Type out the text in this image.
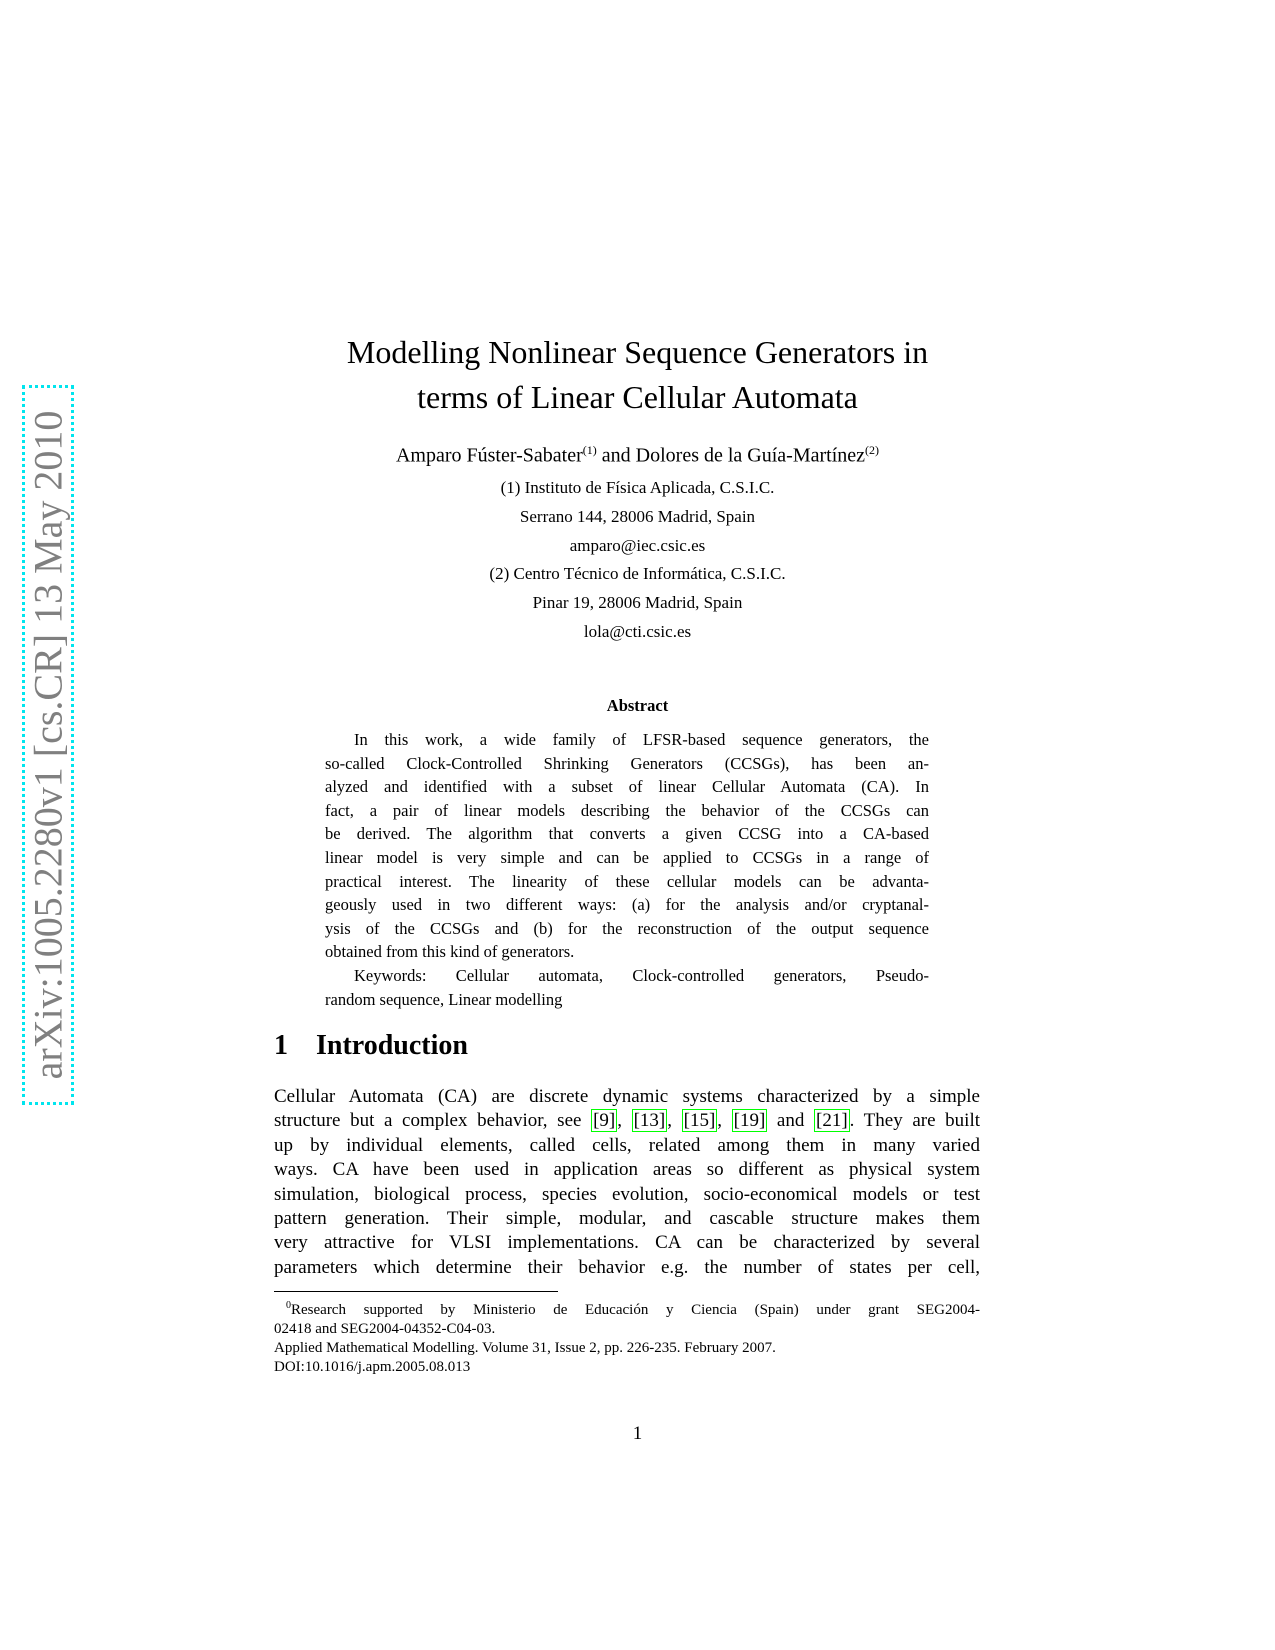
arXiv:1005.2280v1 [cs.CR] 13 May 2010
Modelling Nonlinear Sequence Generators in
terms of Linear Cellular Automata
Amparo Fúster-Sabater$^{(1)}$ and Dolores de la Guía-Martínez$^{(2)}$
(1) Instituto de Física Aplicada, C.S.I.C.
Serrano 144, 28006 Madrid, Spain
amparo@iec.csic.es
(2) Centro Técnico de Informática, C.S.I.C.
Pinar 19, 28006 Madrid, Spain
lola@cti.csic.es
Abstract
In this work, a wide family of LFSR-based sequence generators, the
so-called Clock-Controlled Shrinking Generators (CCSGs), has been an-
alyzed and identified with a subset of linear Cellular Automata (CA). In
fact, a pair of linear models describing the behavior of the CCSGs can
be derived. The algorithm that converts a given CCSG into a CA-based
linear model is very simple and can be applied to CCSGs in a range of
practical interest. The linearity of these cellular models can be advanta-
geously used in two different ways: (a) for the analysis and/or cryptanal-
ysis of the CCSGs and (b) for the reconstruction of the output sequence
obtained from this kind of generators.
Keywords: Cellular automata, Clock-controlled generators, Pseudo-
random sequence, Linear modelling
1 Introduction
Cellular Automata (CA) are discrete dynamic systems characterized by a simple
structure but a complex behavior, see [9] , [13] , [15] , [19] and [21] . They are built
up by individual elements, called cells, related among them in many varied
ways. CA have been used in application areas so different as physical system
simulation, biological process, species evolution, socio-economical models or test
pattern generation. Their simple, modular, and cascable structure makes them
very attractive for VLSI implementations. CA can be characterized by several
parameters which determine their behavior e.g. the number of states per cell,
$^0$Research supported by Ministerio de Educación y Ciencia (Spain) under grant SEG2004-
02418 and SEG2004-04352-C04-03.
Applied Mathematical Modelling. Volume 31, Issue 2, pp. 226-235. February 2007.
DOI:10.1016/j.apm.2005.08.013
1
